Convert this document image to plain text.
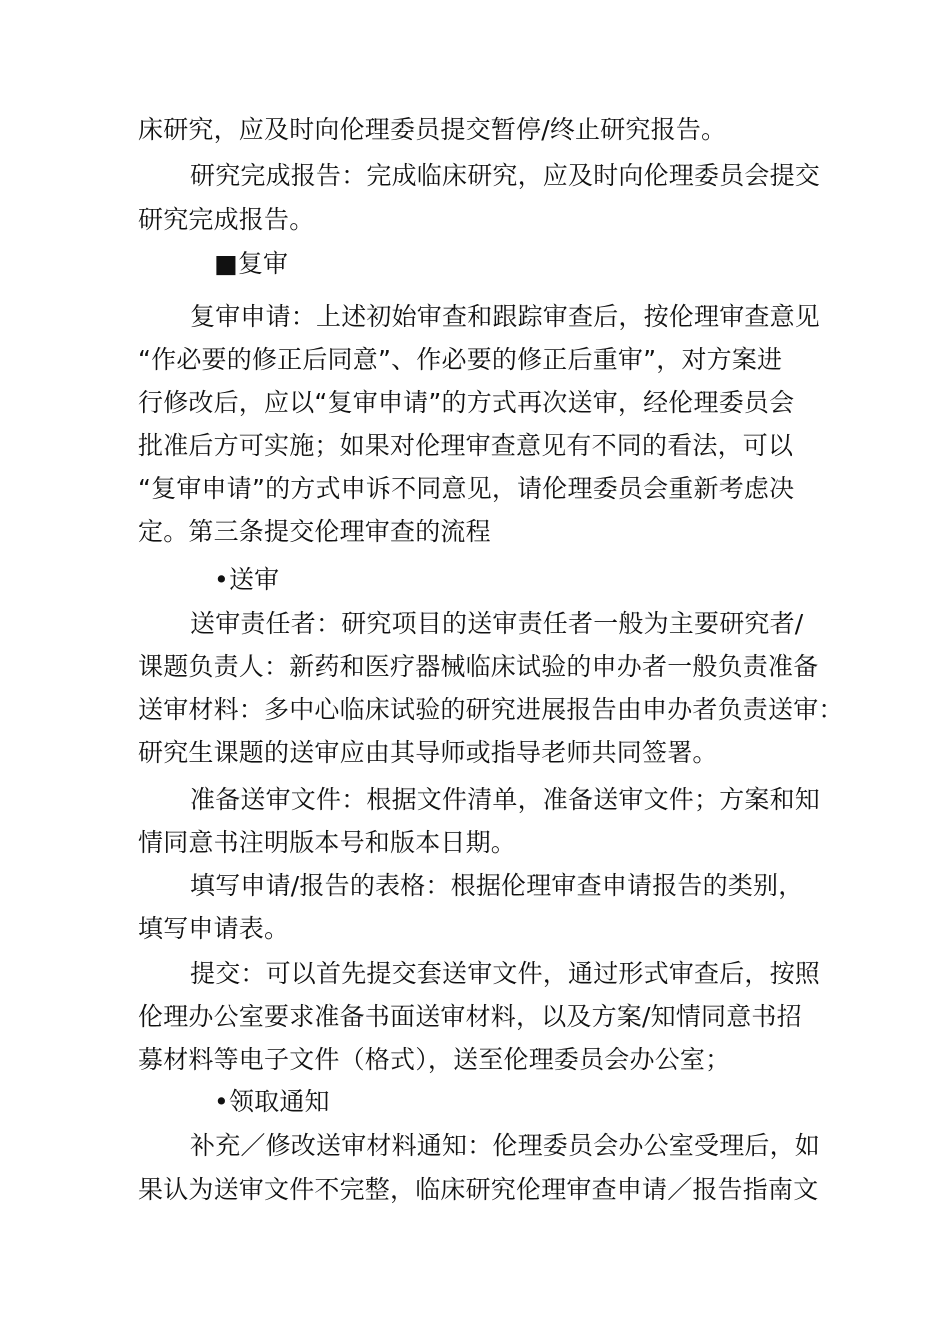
床研究，应及时向伦理委员提交暂停/终止研究报告。
研究完成报告：完成临床研究，应及时向伦理委员会提交
研究完成报告。
■复审
复审申请：上述初始审查和跟踪审查后，按伦理审查意见
“作必要的修正后同意”、作必要的修正后重审”，对方案进
行修改后，应以“复审申请”的方式再次送审，经伦理委员会
批准后方可实施；如果对伦理审查意见有不同的看法，可以
“复审申请”的方式申诉不同意见，请伦理委员会重新考虑决
定。第三条提交伦理审查的流程
•送审
送审责任者：研究项目的送审责任者一般为主要研究者/
课题负责人：新药和医疗器械临床试验的申办者一般负责准备
送审材料：多中心临床试验的研究进展报告由申办者负责送审：
研究生课题的送审应由其导师或指导老师共同签署。
准备送审文件：根据文件清单，准备送审文件；方案和知
情同意书注明版本号和版本日期。
填写申请/报告的表格：根据伦理审查申请报告的类别，
填写申请表。
提交：可以首先提交套送审文件，通过形式审查后，按照
伦理办公室要求准备书面送审材料，以及方案/知情同意书招
募材料等电子文件（格式），送至伦理委员会办公室；
•领取通知
补充／修改送审材料通知：伦理委员会办公室受理后，如
果认为送审文件不完整，临床研究伦理审查申请／报告指南文
